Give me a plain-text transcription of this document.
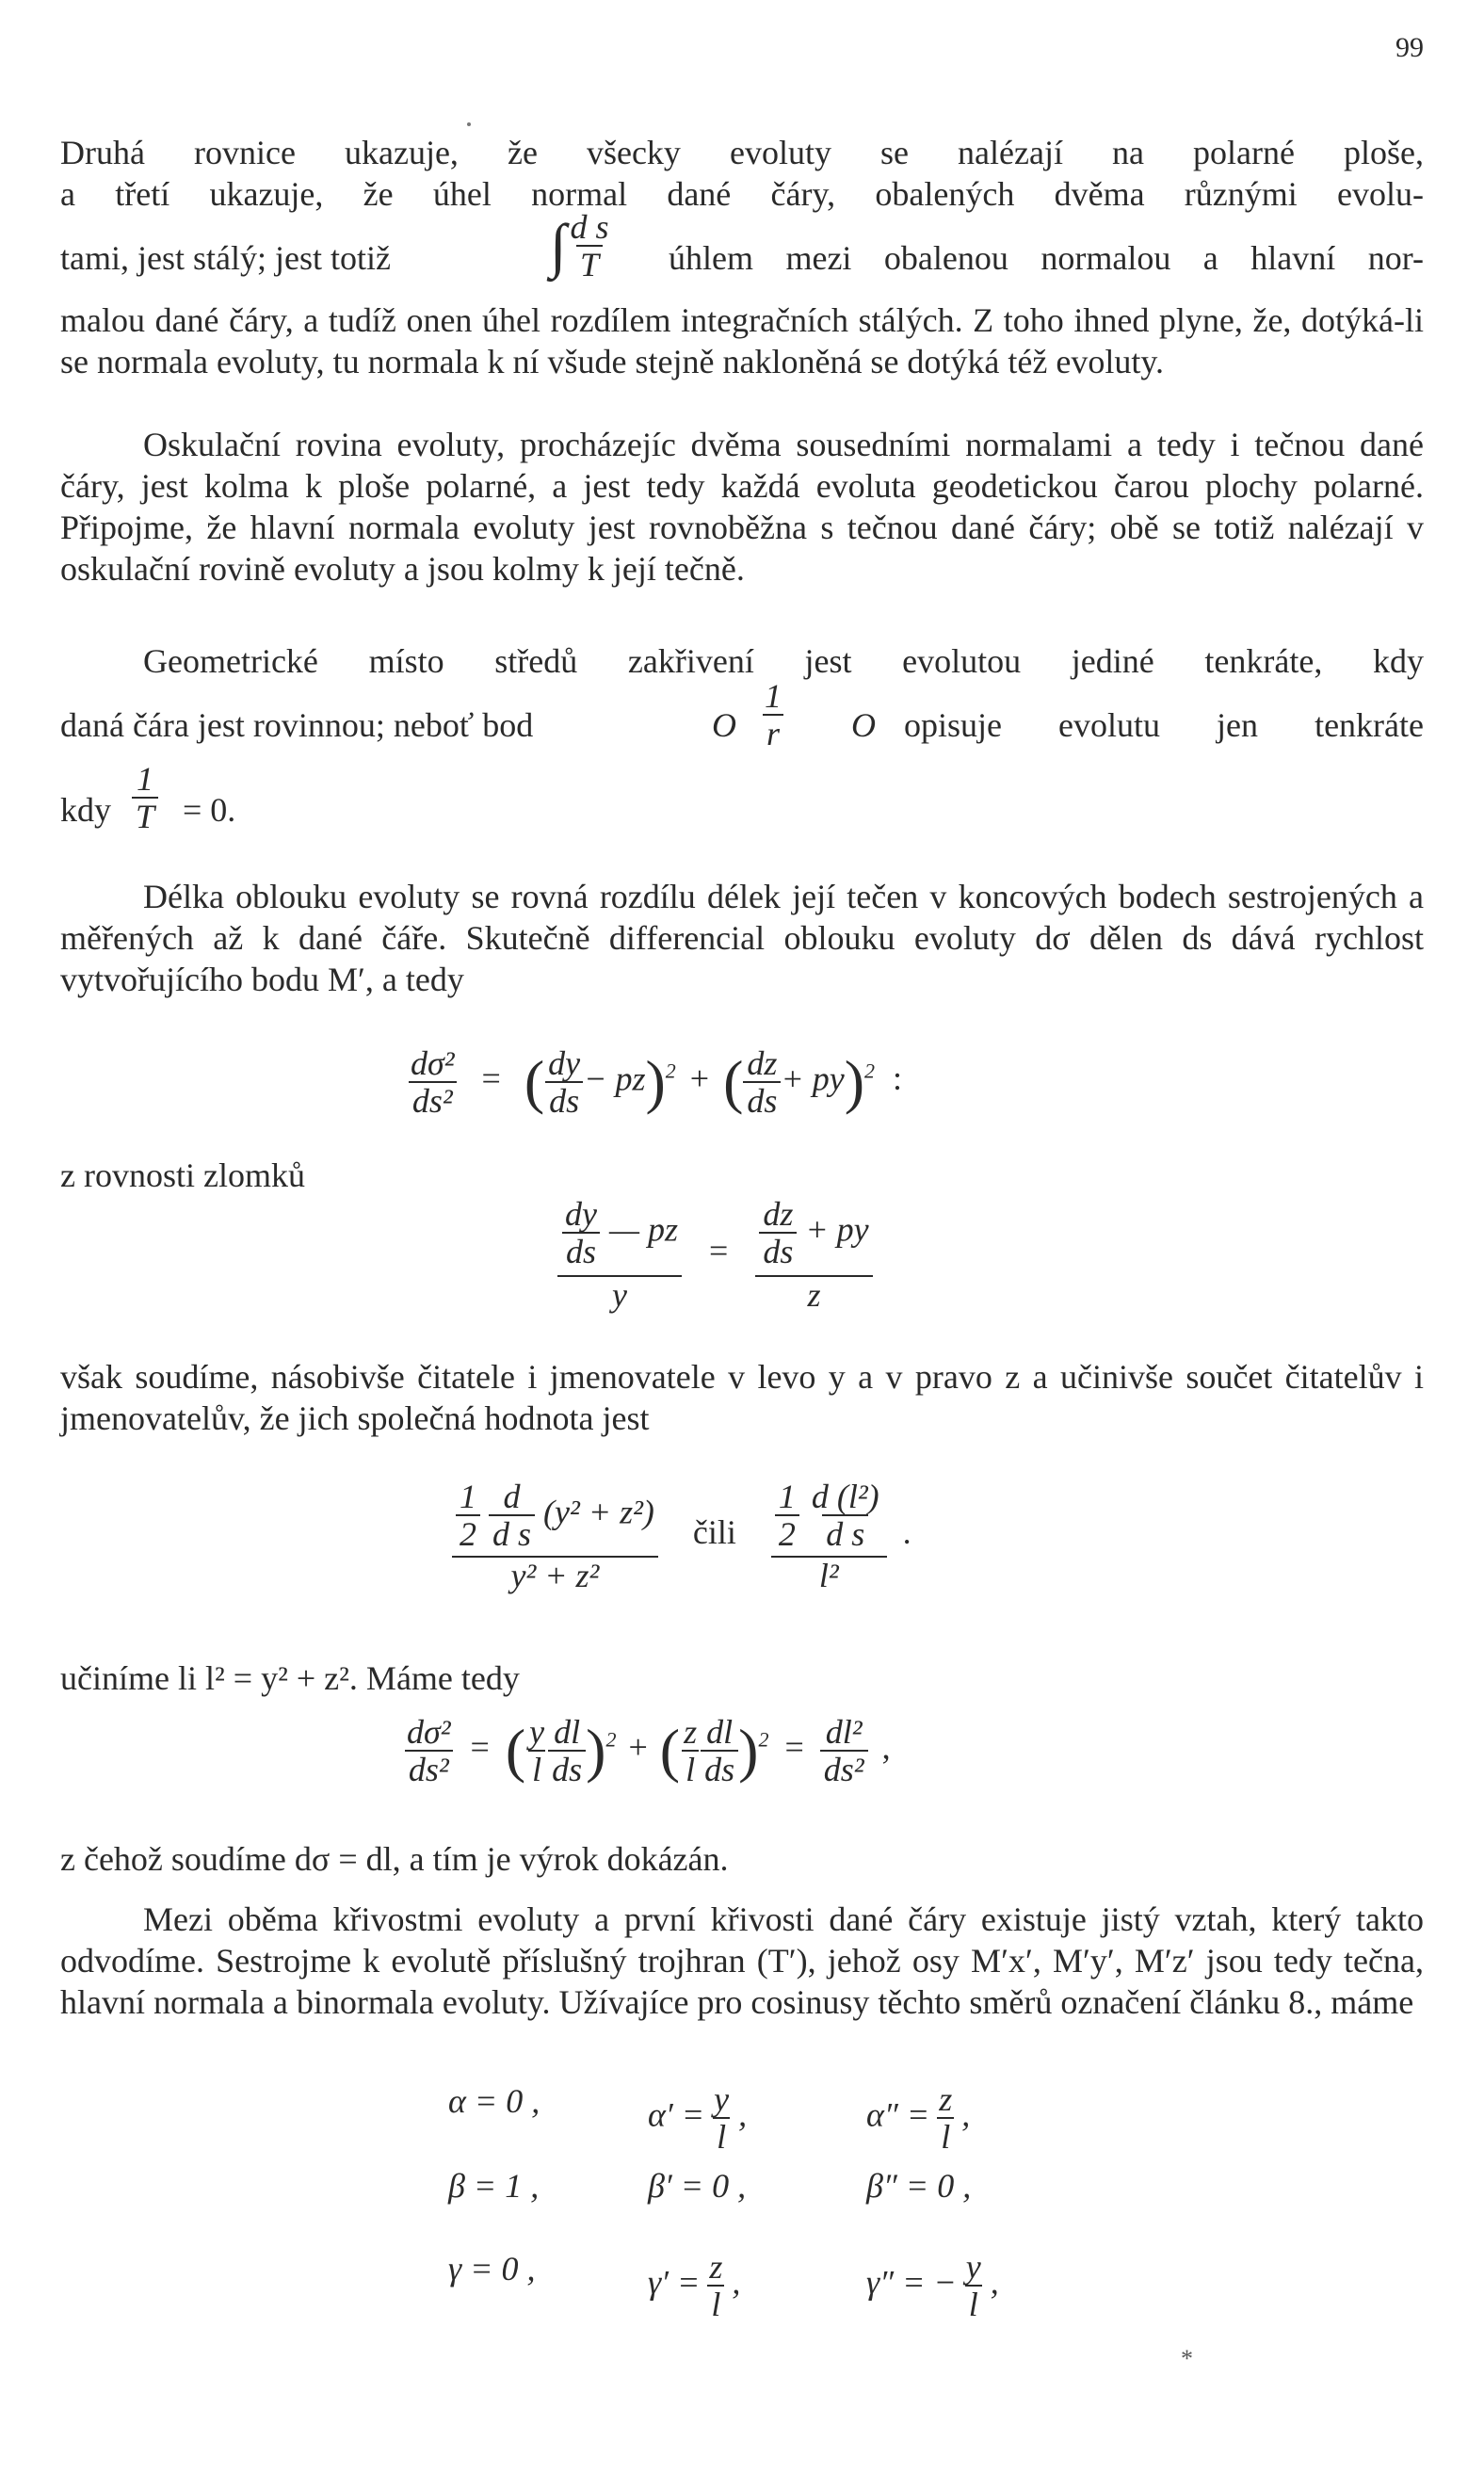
99
Druhá rovnice ukazuje, že všecky evoluty se nalézají na polarné ploše,
a třetí ukazuje, že úhel normal dané čáry, obalených dvěma různými evolu-
tami, jest stálý; jest totiž	∫ $\frac{\text{d s}}{T}$ úhlem mezi obalenou normalou a hlavní nor-

malou dané čáry, a tudíž onen úhel rozdílem integračních stálých. Z toho ihned plyne, že, dotýká-li se normala evoluty, tu normala k ní všude stejně nakloněná se dotýká též evoluty.

Oskulační rovina evoluty, procházejíc dvěma sousedními normalami a tedy i tečnou dané čáry, jest kolma k ploše polarné, a jest tedy každá evoluta geodetickou čarou plochy polarné. Připojme, že hlavní normala evoluty jest rovnoběžna s tečnou dané čáry; obě se totiž nalézají v oskulační rovině evoluty a jsou kolmy k její tečně.

Geometrické místo středů zakřivení jest evolutou jediné tenkráte, kdy
daná čára jest rovinnou; neboť bod	O $\frac{1}{r}$ O opisuje evolutu jen tenkráte
kdy $\frac{1}{T} = 0$.

Délka oblouku evoluty se rovná rozdílu délek její tečen v koncových bodech sestrojených a měřených až k dané čáře. Skutečně differencial oblouku evoluty dσ dělen ds dává rychlost vytvořujícího bodu M′, a tedy

$\frac{\text{dσ²}}{\text{ds²}}$ = ( $\frac{dy}{ds} - pz)^2$ + ( $\frac{dz}{ds} + py)^2$ :
z rovnosti zlomků
$\frac{\frac{dy}{ds} — pz}{y} = \frac{\frac{dz}{ds} + py}{z}$

však soudíme, násobivše čitatele i jmenovatele v levo y a v pravo z a učinivše součet čitatelův i jmenovatelův, že jich společná hodnota jest

$\frac{1}{2}$
$\frac{d}{\text{d s}} (y^2 + z^2)$
y² + z² čili $\frac{1}{2}$
$\frac{\text{d (l²)}}{\text{d s}}$
l² .
učiníme li l² = y² + z². Máme tedy
$\frac{\text{dσ²}}{\text{ds²}}$ = ( $\frac{y}{l} \frac{dl}{ds} )^2$ + ( $\frac{z}{l} \frac{dl}{ds} )^2 = \frac{\text{dl²}}{\text{ds²}}$ ,
z čehož soudíme dσ = dl, a tím je výrok dokázán.

Mezi oběma křivostmi evoluty a první křivosti dané čáry existuje jistý vztah, který takto odvodíme. Sestrojme k evolutě příslušný trojhran (T′), jehož osy M′x′, M′y′, M′z′ jsou tedy tečna, hlavní normala a binormala evoluty. Užívajíce pro cosinusy těchto směrů označení článku 8., máme

α = 0 ,	$\alpha' = \frac{y}{l}$ ,	$\alpha'' = \frac{z}{l}$ ,
β = 1 ,	β′ = 0 ,	β″ = 0 ,
γ = 0 ,	$\gamma' = \frac{z}{l}$ ,	γ″ = − $\frac{y}{l}$ ,
*
